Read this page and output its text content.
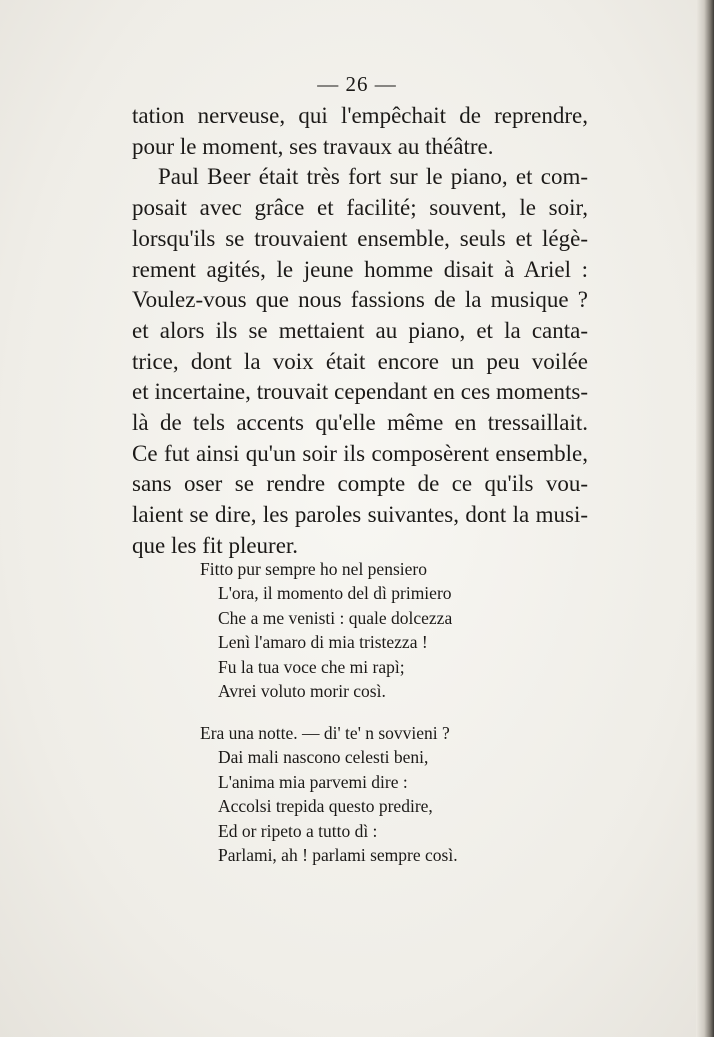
— 26 —
tation nerveuse, qui l'empêchait de reprendre,
pour le moment, ses travaux au théâtre.
Paul Beer était très fort sur le piano, et com-
posait avec grâce et facilité; souvent, le soir,
lorsqu'ils se trouvaient ensemble, seuls et légè-
rement agités, le jeune homme disait à Ariel :
Voulez-vous que nous fassions de la musique ?
et alors ils se mettaient au piano, et la canta-
trice, dont la voix était encore un peu voilée
et incertaine, trouvait cependant en ces moments-
là de tels accents qu'elle même en tressaillait.
Ce fut ainsi qu'un soir ils composèrent ensemble,
sans oser se rendre compte de ce qu'ils vou-
laient se dire, les paroles suivantes, dont la musi-
que les fit pleurer.
Fitto pur sempre ho nel pensiero
L'ora, il momento del dì primiero
Che a me venisti : quale dolcezza
Lenì l'amaro di mia tristezza !
Fu la tua voce che mi rapì;
Avrei voluto morir così.
Era una notte. — di' te' n sovvieni ?
Dai mali nascono celesti beni,
L'anima mia parvemi dire :
Accolsi trepida questo predire,
Ed or ripeto a tutto dì :
Parlami, ah ! parlami sempre così.
